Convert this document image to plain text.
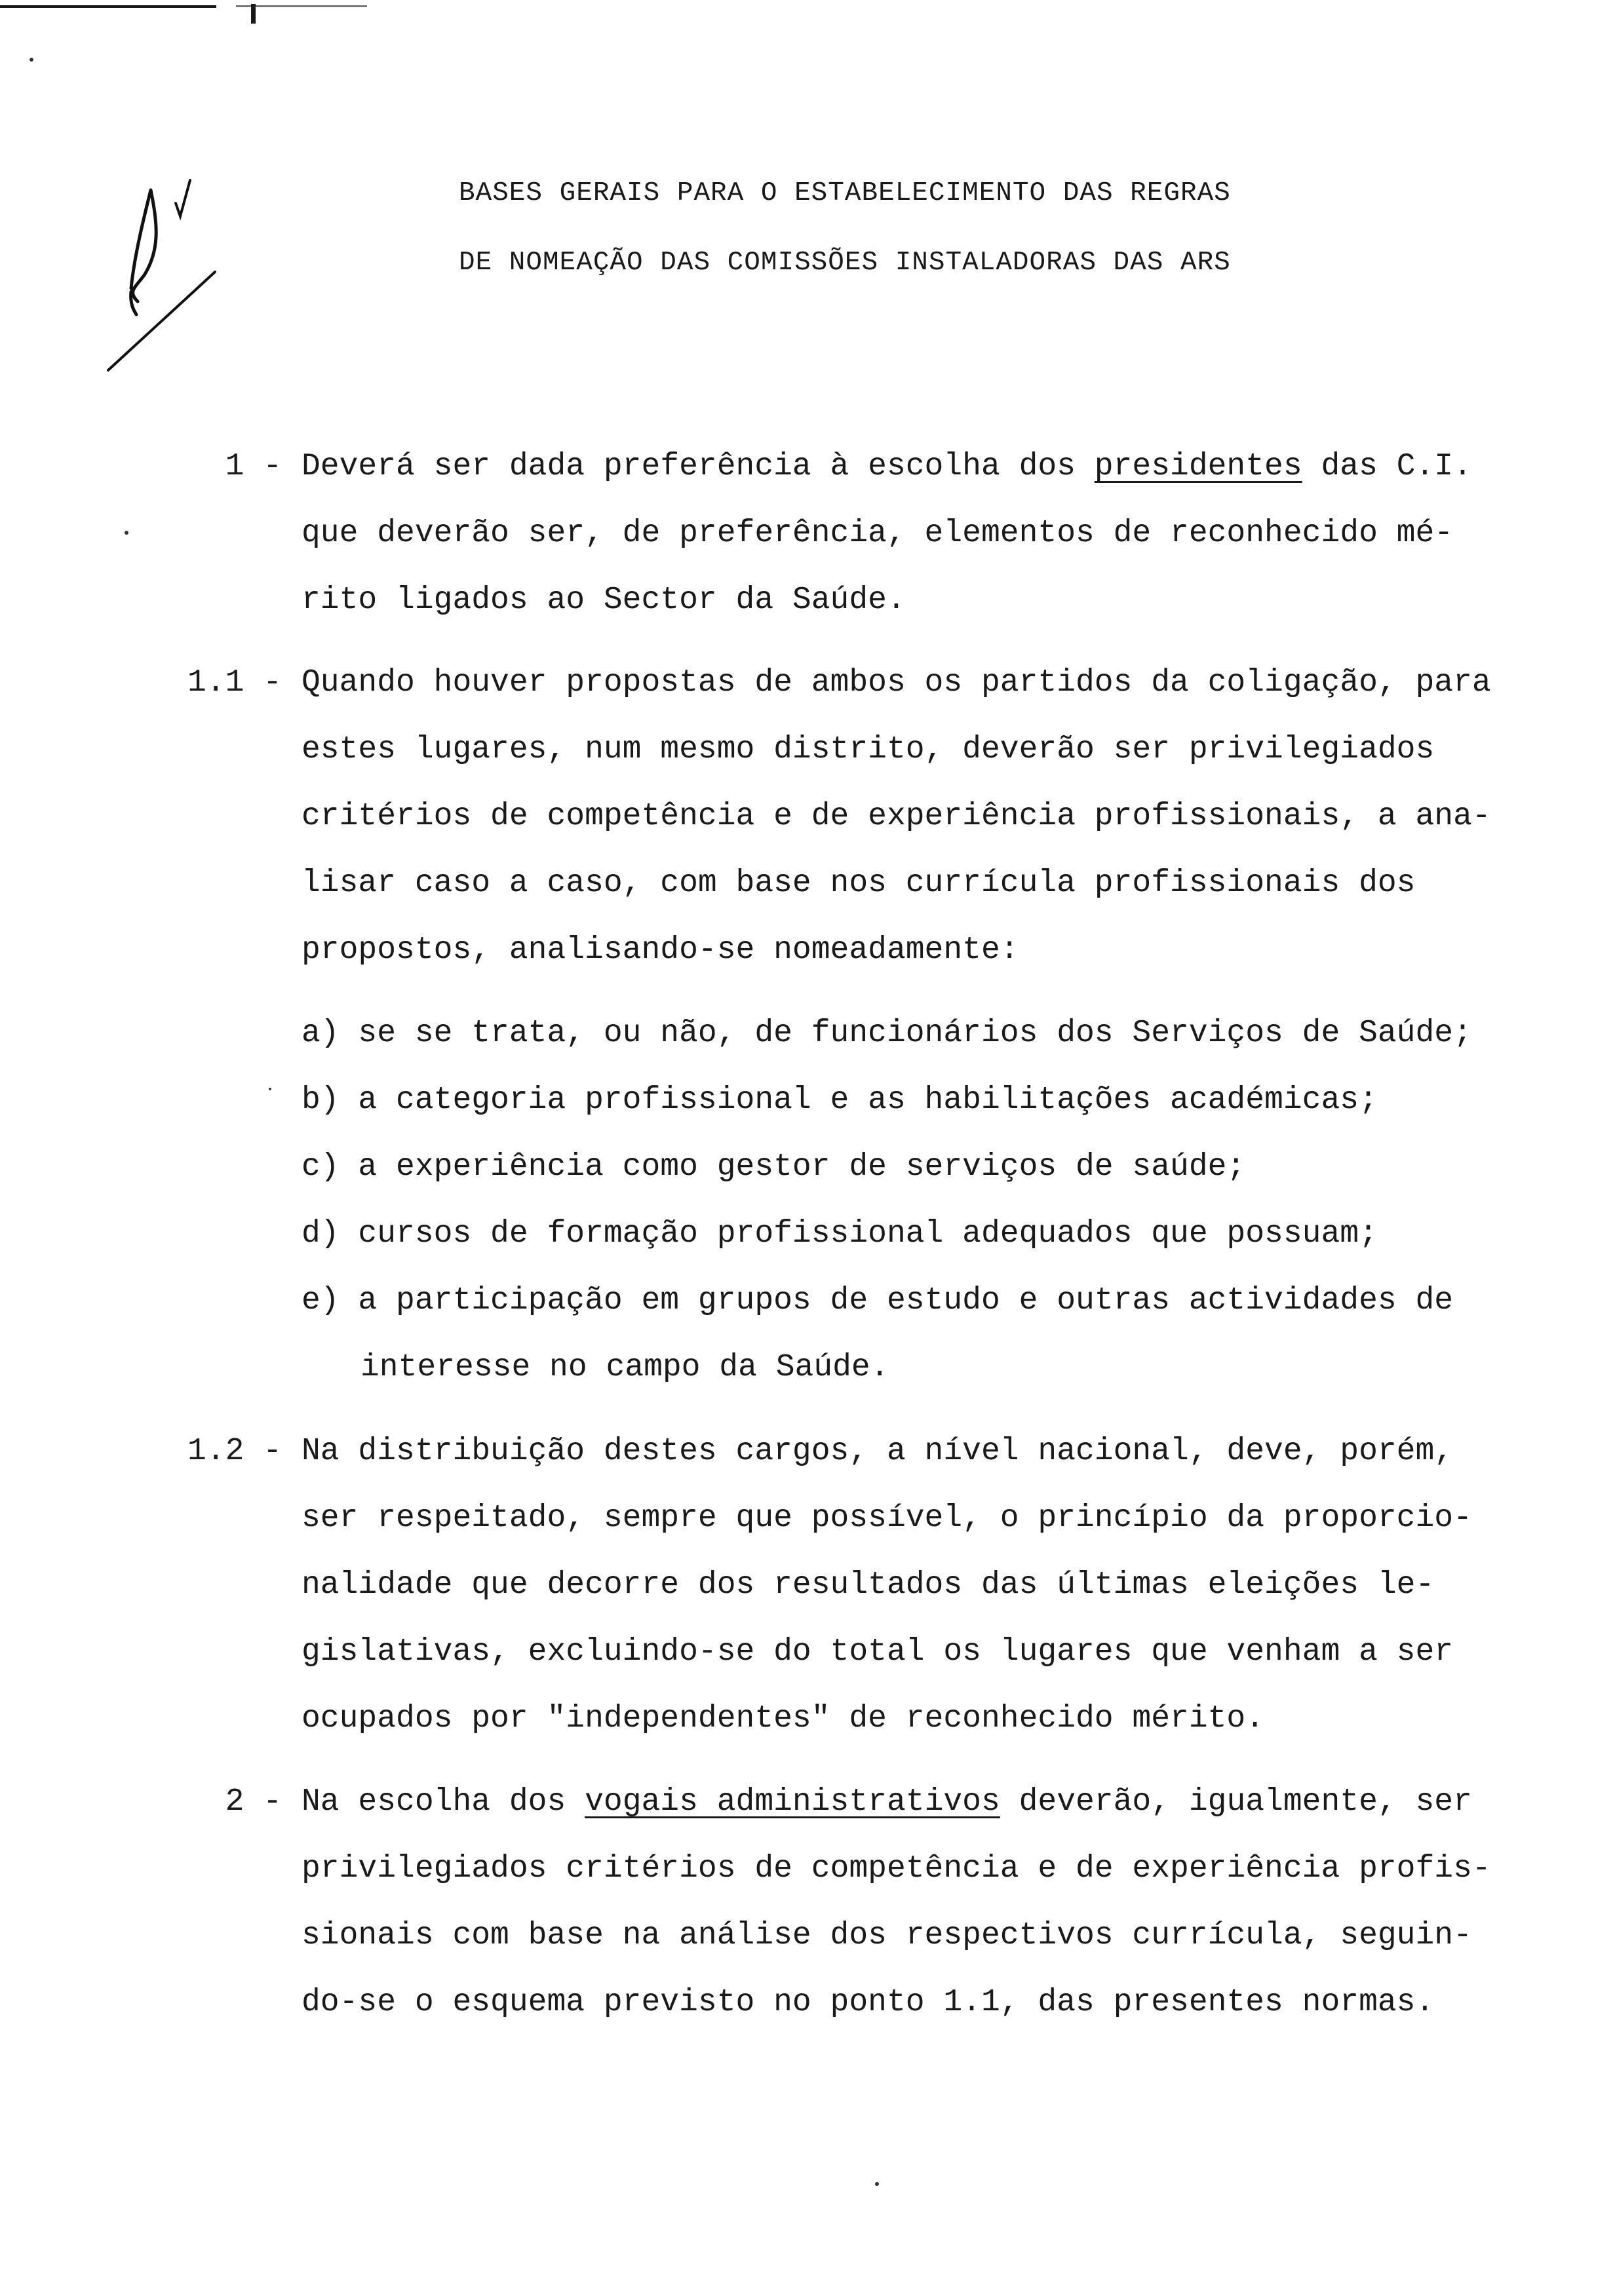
BASES GERAIS PARA O ESTABELECIMENTO DAS REGRAS
DE NOMEAÇÃO DAS COMISSÕES INSTALADORAS DAS ARS
1 - Deverá ser dada preferência à escolha dos presidentes das C.I.
que deverão ser, de preferência, elementos de reconhecido mé-
rito ligados ao Sector da Saúde.
1.1 - Quando houver propostas de ambos os partidos da coligação, para
estes lugares, num mesmo distrito, deverão ser privilegiados
critérios de competência e de experiência profissionais, a ana-
lisar caso a caso, com base nos currícula profissionais dos
propostos, analisando-se nomeadamente:
a) se se trata, ou não, de funcionários dos Serviços de Saúde;
b) a categoria profissional e as habilitações académicas;
c) a experiência como gestor de serviços de saúde;
d) cursos de formação profissional adequados que possuam;
e) a participação em grupos de estudo e outras actividades de
interesse no campo da Saúde.
1.2 - Na distribuição destes cargos, a nível nacional, deve, porém,
ser respeitado, sempre que possível, o princípio da proporcio-
nalidade que decorre dos resultados das últimas eleições le-
gislativas, excluindo-se do total os lugares que venham a ser
ocupados por "independentes" de reconhecido mérito.
2 - Na escolha dos vogais administrativos deverão, igualmente, ser
privilegiados critérios de competência e de experiência profis-
sionais com base na análise dos respectivos currícula, seguin-
do-se o esquema previsto no ponto 1.1, das presentes normas.
